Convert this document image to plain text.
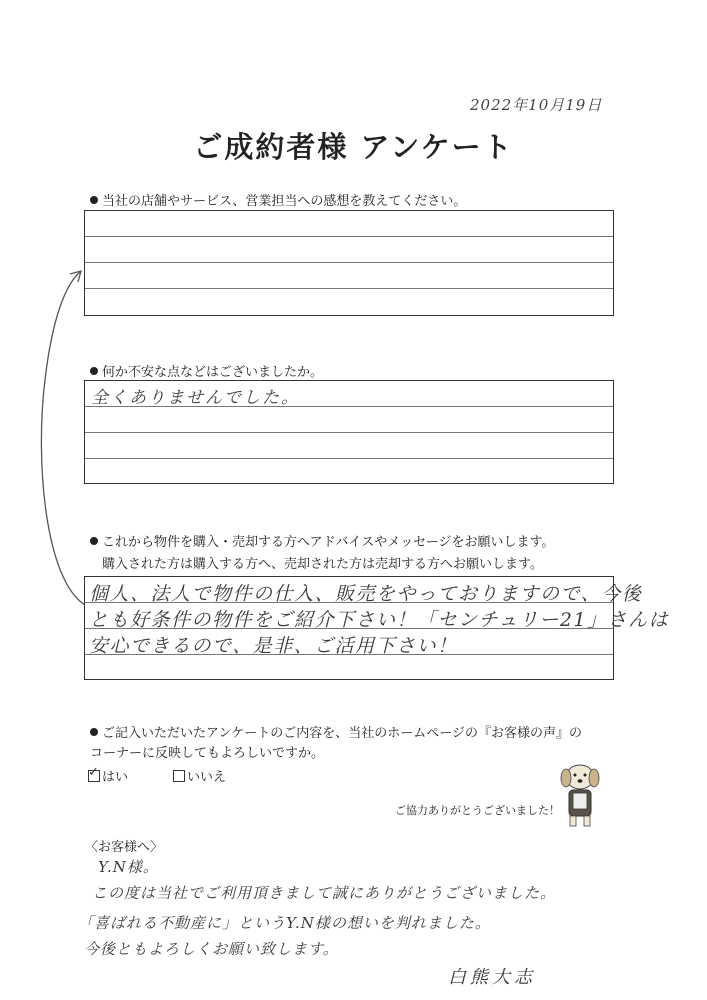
2022年10月19日
ご成約者様 アンケート
当社の店舗やサービス、営業担当への感想を教えてください。
何か不安な点などはございましたか。
全くありませんでした。
これから物件を購入・売却する方へアドバイスやメッセージをお願いします。
購入された方は購入する方へ、売却された方は売却する方へお願いします。
個人、法人で物件の仕入、販売をやっておりますので、今後
とも好条件の物件をご紹介下さい！「センチュリー21」さんは
安心できるので、是非、ご活用下さい！
ご記入いただいたアンケートのご内容を、当社のホームページの『お客様の声』の
コーナーに反映してもよろしいですか。
✓はい	いいえ
ご協力ありがとうございました！
〈お客様へ〉
Y.N様。
この度は当社でご利用頂きまして誠にありがとうございました。
「喜ばれる不動産に」というY.N様の想いを判れました。
今後ともよろしくお願い致します。
白熊大志
